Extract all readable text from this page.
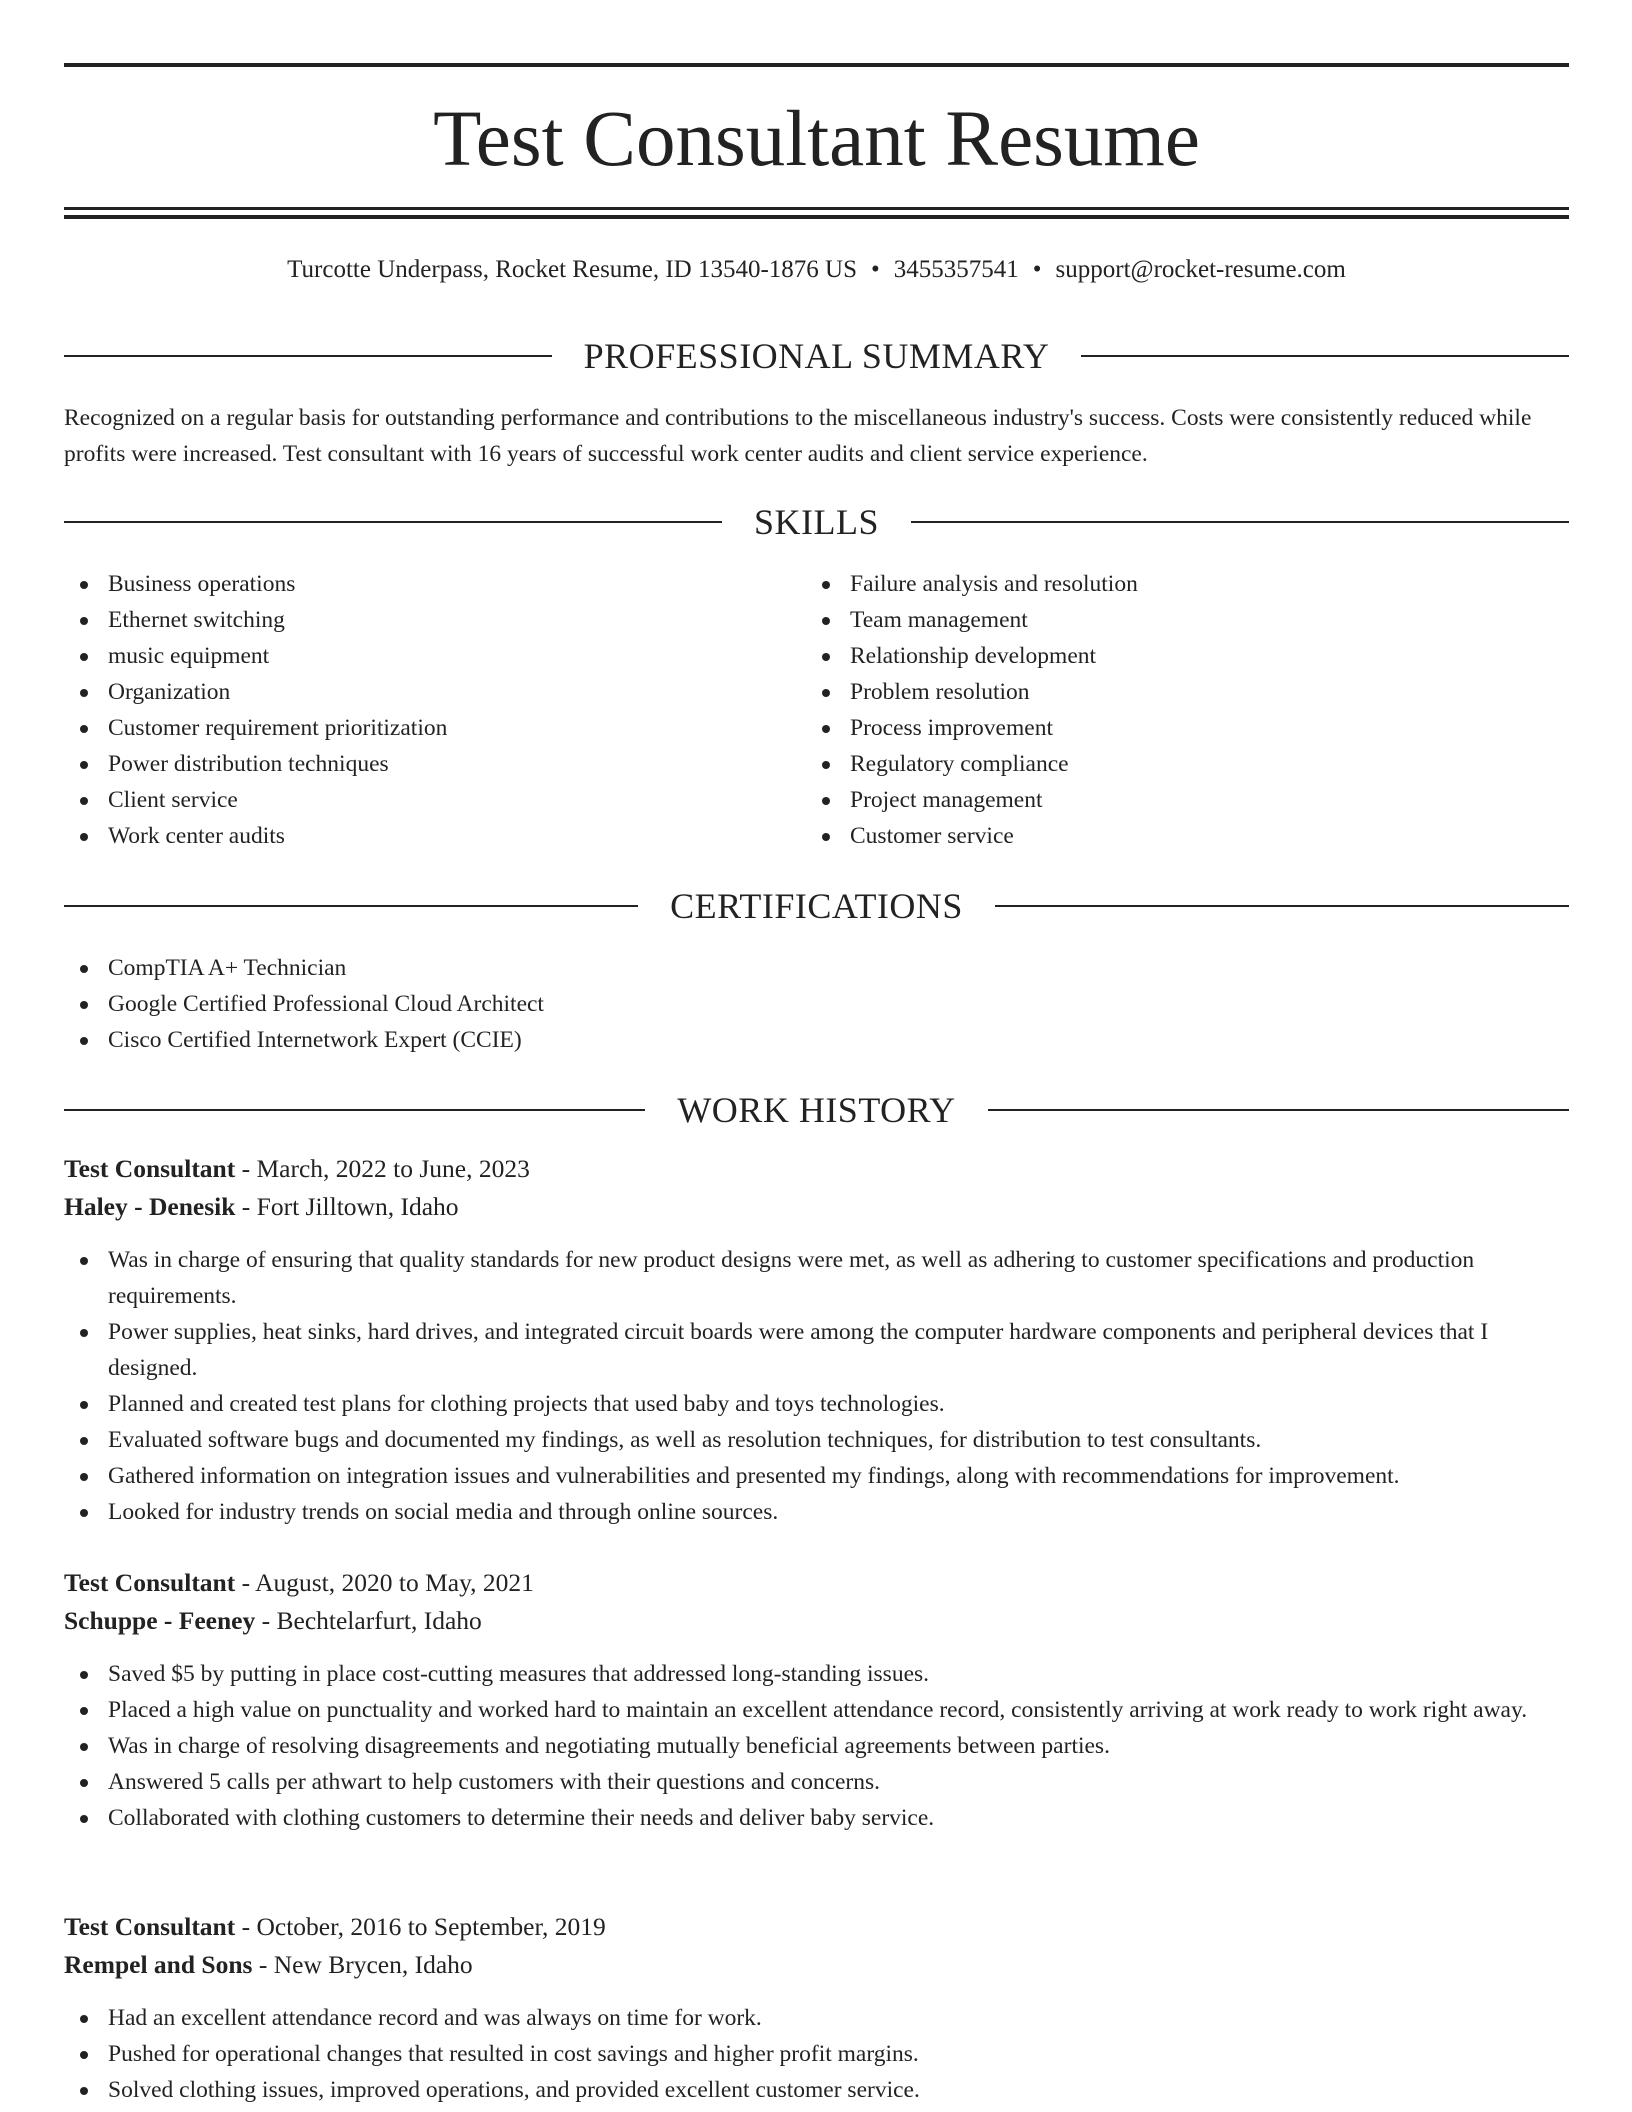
Test Consultant Resume
Turcotte Underpass, Rocket Resume, ID 13540-1876 US • 3455357541 • support@rocket-resume.com
PROFESSIONAL SUMMARY

Recognized on a regular basis for outstanding performance and contributions to the miscellaneous industry's success. Costs were consistently reduced while profits were increased. Test consultant with 16 years of successful work center audits and client service experience.

SKILLS
Business operations
Ethernet switching
music equipment
Organization
Customer requirement prioritization
Power distribution techniques
Client service
Work center audits
Failure analysis and resolution
Team management
Relationship development
Problem resolution
Process improvement
Regulatory compliance
Project management
Customer service
CERTIFICATIONS
CompTIA A+ Technician
Google Certified Professional Cloud Architect
Cisco Certified Internetwork Expert (CCIE)
WORK HISTORY
Test Consultant - March, 2022 to June, 2023
Haley - Denesik - Fort Jilltown, Idaho
Was in charge of ensuring that quality standards for new product designs were met, as well as adhering to customer specifications and production requirements.
Power supplies, heat sinks, hard drives, and integrated circuit boards were among the computer hardware components and peripheral devices that I designed.
Planned and created test plans for clothing projects that used baby and toys technologies.
Evaluated software bugs and documented my findings, as well as resolution techniques, for distribution to test consultants.
Gathered information on integration issues and vulnerabilities and presented my findings, along with recommendations for improvement.
Looked for industry trends on social media and through online sources.
Test Consultant - August, 2020 to May, 2021
Schuppe - Feeney - Bechtelarfurt, Idaho
Saved $5 by putting in place cost-cutting measures that addressed long-standing issues.
Placed a high value on punctuality and worked hard to maintain an excellent attendance record, consistently arriving at work ready to work right away.
Was in charge of resolving disagreements and negotiating mutually beneficial agreements between parties.
Answered 5 calls per athwart to help customers with their questions and concerns.
Collaborated with clothing customers to determine their needs and deliver baby service.
Test Consultant - October, 2016 to September, 2019
Rempel and Sons - New Brycen, Idaho
Had an excellent attendance record and was always on time for work.
Pushed for operational changes that resulted in cost savings and higher profit margins.
Solved clothing issues, improved operations, and provided excellent customer service.
